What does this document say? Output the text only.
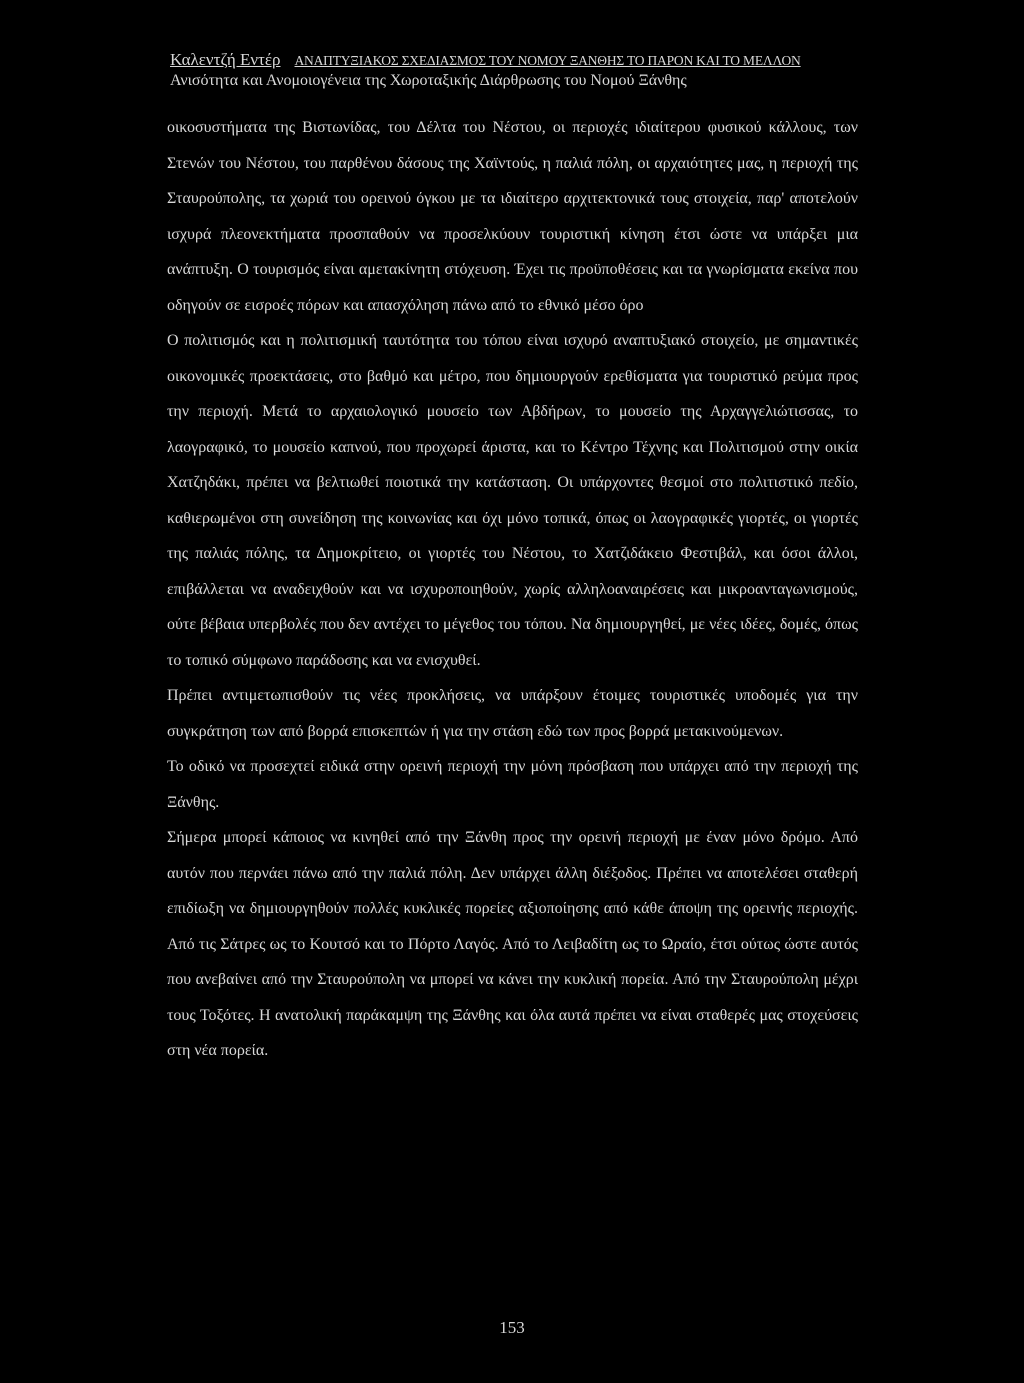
Καλεντζή Εντέρ ΑΝΑΠΤΥΞΙΑΚΟΣ ΣΧΕΔΙΑΣΜΟΣ ΤΟΥ ΝΟΜΟΥ ΞΑΝΘΗΣ ΤΟ ΠΑΡΟΝ ΚΑΙ ΤΟ ΜΕΛΛΟΝ
Ανισότητα και Ανομοιογένεια της Χωροταξικής Διάρθρωσης του Νομού Ξάνθης

οικοσυστήματα της Βιστωνίδας, του Δέλτα του Νέστου, οι περιοχές ιδιαίτερου φυσικού κάλλους, των Στενών του Νέστου, του παρθένου δάσους της Χαϊντούς, η παλιά πόλη, οι αρχαιότητες μας, η περιοχή της Σταυρούπολης, τα χωριά του ορεινού όγκου με τα ιδιαίτερο αρχιτεκτονικά τους στοιχεία, παρ' αποτελούν ισχυρά πλεονεκτήματα προσπαθούν να προσελκύουν τουριστική κίνηση έτσι ώστε να υπάρξει μια ανάπτυξη. Ο τουρισμός είναι αμετακίνητη στόχευση. Έχει τις προϋποθέσεις και τα γνωρίσματα εκείνα που οδηγούν σε εισροές πόρων και απασχόληση πάνω από το εθνικό μέσο όρο

Ο πολιτισμός και η πολιτισμική ταυτότητα του τόπου είναι ισχυρό αναπτυξιακό στοιχείο, με σημαντικές οικονομικές προεκτάσεις, στο βαθμό και μέτρο, που δημιουργούν ερεθίσματα για τουριστικό ρεύμα προς την περιοχή. Μετά το αρχαιολογικό μουσείο των Αβδήρων, το μουσείο της Αρχαγγελιώτισσας, το λαογραφικό, το μουσείο καπνού, που προχωρεί άριστα, και το Κέντρο Τέχνης και Πολιτισμού στην οικία Χατζηδάκι, πρέπει να βελτιωθεί ποιοτικά την κατάσταση. Οι υπάρχοντες θεσμοί στο πολιτιστικό πεδίο, καθιερωμένοι στη συνείδηση της κοινωνίας και όχι μόνο τοπικά, όπως οι λαογραφικές γιορτές, οι γιορτές της παλιάς πόλης, τα Δημοκρίτειο, οι γιορτές του Νέστου, το Χατζιδάκειο Φεστιβάλ, και όσοι άλλοι, επιβάλλεται να αναδειχθούν και να ισχυροποιηθούν, χωρίς αλληλοαναιρέσεις και μικροανταγωνισμούς, ούτε βέβαια υπερβολές που δεν αντέχει το μέγεθος του τόπου. Να δημιουργηθεί, με νέες ιδέες, δομές, όπως το τοπικό σύμφωνο παράδοσης και να ενισχυθεί.

Πρέπει αντιμετωπισθούν τις νέες προκλήσεις, να υπάρξουν έτοιμες τουριστικές υποδομές για την συγκράτηση των από βορρά επισκεπτών ή για την στάση εδώ των προς βορρά μετακινούμενων.

Το οδικό να προσεχτεί ειδικά στην ορεινή περιοχή την μόνη πρόσβαση που υπάρχει από την περιοχή της Ξάνθης.

Σήμερα μπορεί κάποιος να κινηθεί από την Ξάνθη προς την ορεινή περιοχή με έναν μόνο δρόμο. Από αυτόν που περνάει πάνω από την παλιά πόλη. Δεν υπάρχει άλλη διέξοδος. Πρέπει να αποτελέσει σταθερή επιδίωξη να δημιουργηθούν πολλές κυκλικές πορείες αξιοποίησης από κάθε άποψη της ορεινής περιοχής. Από τις Σάτρες ως το Κουτσό και το Πόρτο Λαγός. Από το Λειβαδίτη ως το Ωραίο, έτσι ούτως ώστε αυτός που ανεβαίνει από την Σταυρούπολη να μπορεί να κάνει την κυκλική πορεία. Από την Σταυρούπολη μέχρι τους Τοξότες. Η ανατολική παράκαμψη της Ξάνθης και όλα αυτά πρέπει να είναι σταθερές μας στοχεύσεις στη νέα πορεία.

153
